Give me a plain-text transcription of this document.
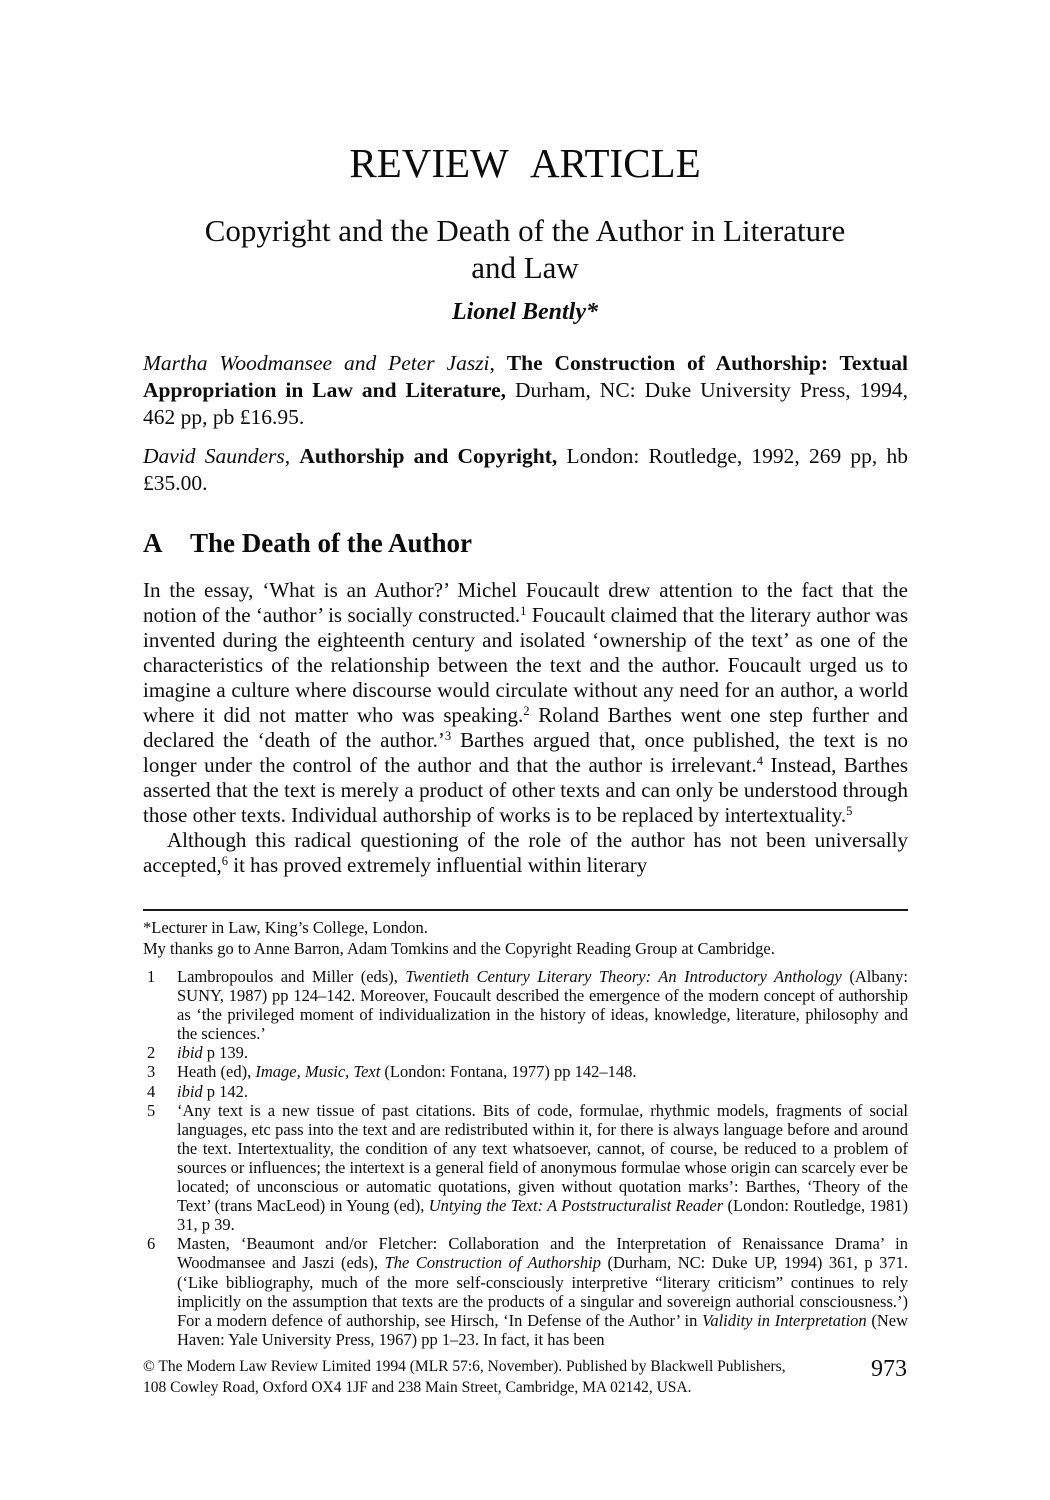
REVIEW ARTICLE
Copyright and the Death of the Author in Literature
and Law
Lionel Bently*
Martha Woodmansee and Peter Jaszi, The Construction of Authorship: Textual Appropriation in Law and Literature, Durham, NC: Duke University Press, 1994, 462 pp, pb £16.95.
David Saunders, Authorship and Copyright, London: Routledge, 1992, 269 pp, hb £35.00.
A	The Death of the Author

In the essay, ‘What is an Author?’ Michel Foucault drew attention to the fact that the notion of the ‘author’ is socially constructed.$^1$ Foucault claimed that the literary author was invented during the eighteenth century and isolated ‘ownership of the text’ as one of the characteristics of the relationship between the text and the author. Foucault urged us to imagine a culture where discourse would circulate without any need for an author, a world where it did not matter who was speaking.$^2$ Roland Barthes went one step further and declared the ‘death of the author.’$^3$ Barthes argued that, once published, the text is no longer under the control of the author and that the author is irrelevant.$^4$ Instead, Barthes asserted that the text is merely a product of other texts and can only be understood through those other texts. Individual authorship of works is to be replaced by intertextuality.$^5$

Although this radical questioning of the role of the author has not been universally accepted,$^6$ it has proved extremely influential within literary

*Lecturer in Law, King’s College, London.
My thanks go to Anne Barron, Adam Tomkins and the Copyright Reading Group at Cambridge.
1	Lambropoulos and Miller (eds), Twentieth Century Literary Theory: An Introductory Anthology (Albany: SUNY, 1987) pp 124–142. Moreover, Foucault described the emergence of the modern concept of authorship as ‘the privileged moment of individualization in the history of ideas, knowledge, literature, philosophy and the sciences.’
2	ibid p 139.
3	Heath (ed), Image, Music, Text (London: Fontana, 1977) pp 142–148.
4	ibid p 142.
5	‘Any text is a new tissue of past citations. Bits of code, formulae, rhythmic models, fragments of social languages, etc pass into the text and are redistributed within it, for there is always language before and around the text. Intertextuality, the condition of any text whatsoever, cannot, of course, be reduced to a problem of sources or influences; the intertext is a general field of anonymous formulae whose origin can scarcely ever be located; of unconscious or automatic quotations, given without quotation marks’: Barthes, ‘Theory of the Text’ (trans MacLeod) in Young (ed), Untying the Text: A Poststructuralist Reader (London: Routledge, 1981) 31, p 39.
6	Masten, ‘Beaumont and/or Fletcher: Collaboration and the Interpretation of Renaissance Drama’ in Woodmansee and Jaszi (eds), The Construction of Authorship (Durham, NC: Duke UP, 1994) 361, p 371. (‘Like bibliography, much of the more self-consciously interpretive “literary criticism” continues to rely implicitly on the assumption that texts are the products of a singular and sovereign authorial consciousness.’) For a modern defence of authorship, see Hirsch, ‘In Defense of the Author’ in Validity in Interpretation (New Haven: Yale University Press, 1967) pp 1–23. In fact, it has been
© The Modern Law Review Limited 1994 (MLR 57:6, November). Published by Blackwell Publishers,
108 Cowley Road, Oxford OX4 1JF and 238 Main Street, Cambridge, MA 02142, USA.
973
